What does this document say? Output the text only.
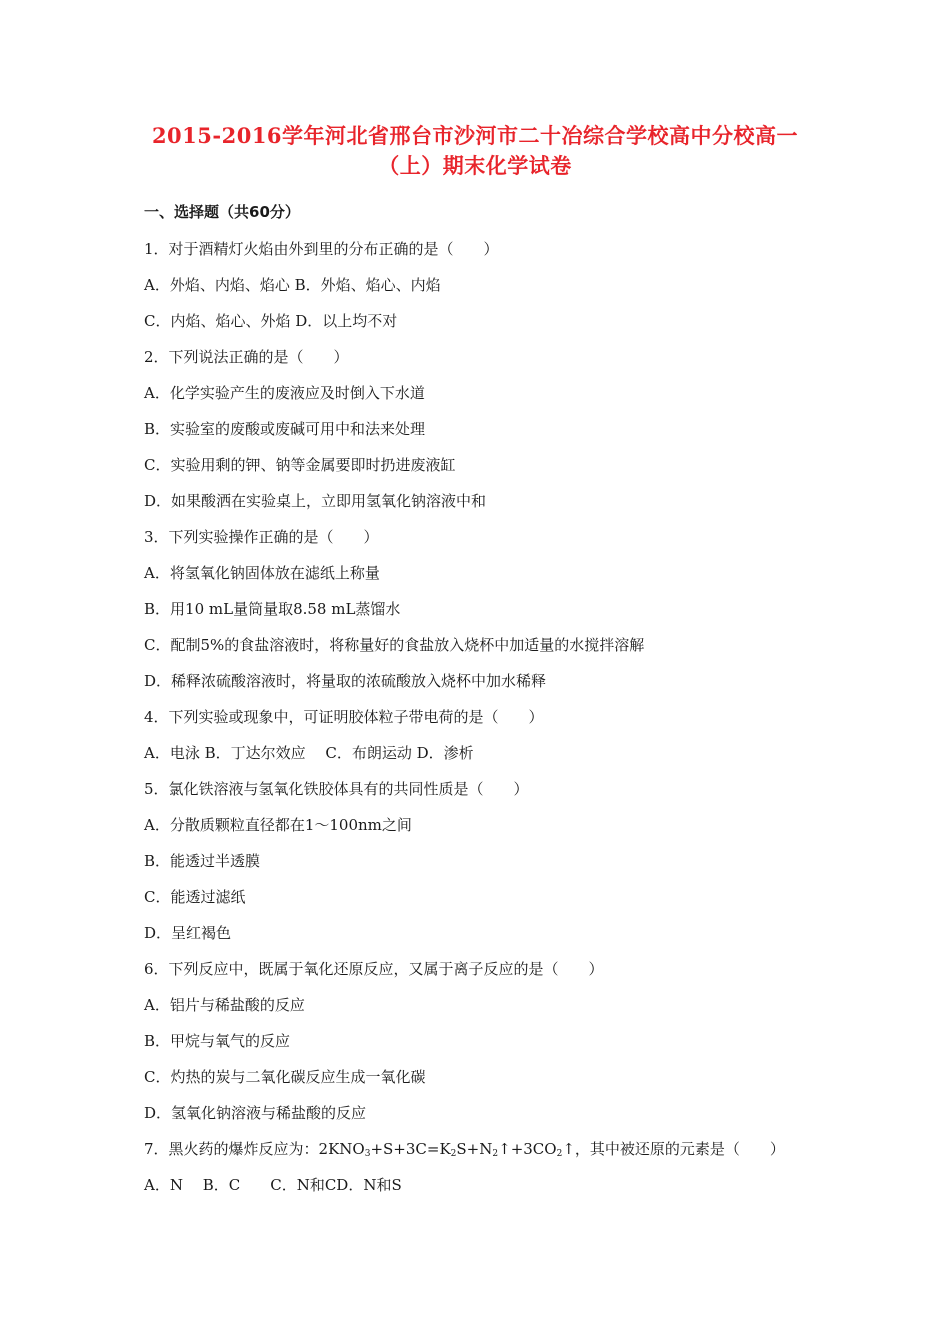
2015-2016学年河北省邢台市沙河市二十冶综合学校高中分校高一
（上）期末化学试卷
一、选择题（共60分）
1．对于酒精灯火焰由外到里的分布正确的是（　　）
A．外焰、内焰、焰心 B．外焰、焰心、内焰
C．内焰、焰心、外焰 D．以上均不对
2．下列说法正确的是（　　）
A．化学实验产生的废液应及时倒入下水道
B．实验室的废酸或废碱可用中和法来处理
C．实验用剩的钾、钠等金属要即时扔进废液缸
D．如果酸洒在实验桌上，立即用氢氧化钠溶液中和
3．下列实验操作正确的是（　　）
A．将氢氧化钠固体放在滤纸上称量
B．用10 mL量筒量取8.58 mL蒸馏水
C．配制5%的食盐溶液时，将称量好的食盐放入烧杯中加适量的水搅拌溶解
D．稀释浓硫酸溶液时，将量取的浓硫酸放入烧杯中加水稀释
4．下列实验或现象中，可证明胶体粒子带电荷的是（　　）
A．电泳 B．丁达尔效应　 C．布朗运动 D．渗析
5．氯化铁溶液与氢氧化铁胶体具有的共同性质是（　　）
A．分散质颗粒直径都在1～100nm之间
B．能透过半透膜
C．能透过滤纸
D．呈红褐色
6．下列反应中，既属于氧化还原反应，又属于离子反应的是（　　）
A．铝片与稀盐酸的反应
B．甲烷与氧气的反应
C．灼热的炭与二氧化碳反应生成一氧化碳
D．氢氧化钠溶液与稀盐酸的反应
7．黑火药的爆炸反应为：$2KNO_3+S+3C=K_2S+N_2↑+3CO_2↑$，其中被还原的元素是（　　）
A．N　 B．C　　C．N和CD．N和S
